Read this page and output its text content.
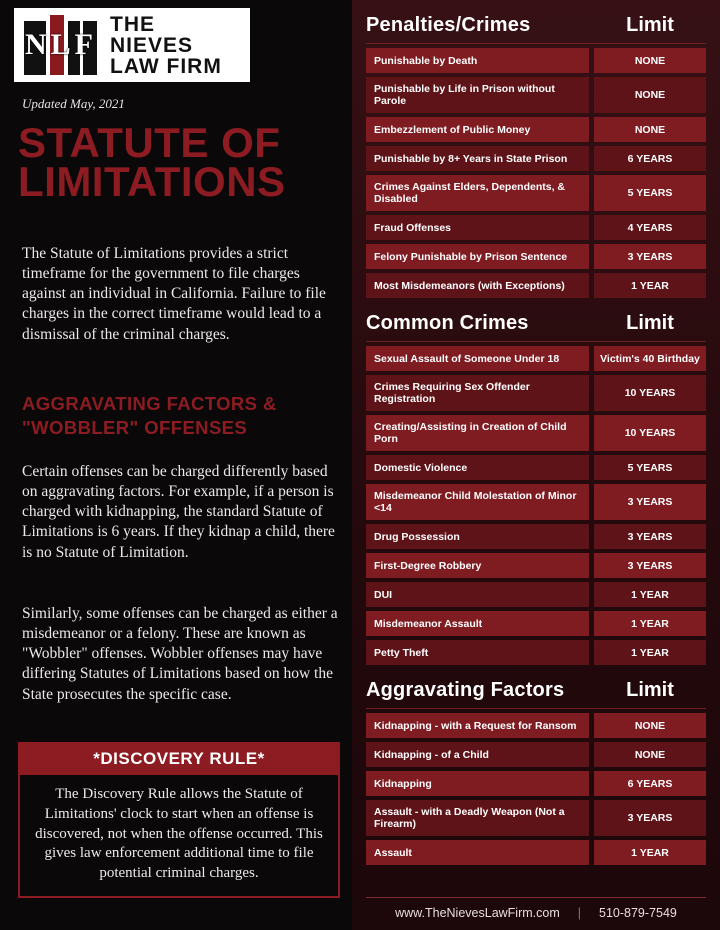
NLF
THE
NIEVES
LAW FIRM
Updated May, 2021
STATUTE OF LIMITATIONS
The Statute of Limitations provides a strict timeframe for the government to file charges against an individual in California. Failure to file charges in the correct timeframe would lead to a dismissal of the criminal charges.
AGGRAVATING FACTORS & "WOBBLER" OFFENSES
Certain offenses can be charged differently based on aggravating factors. For example, if a person is charged with kidnapping, the standard Statute of Limitations is 6 years. If they kidnap a child, there is no Statute of Limitation.
Similarly, some offenses can be charged as either a misdemeanor or a felony. These are known as "Wobbler" offenses. Wobbler offenses may have differing Statutes of Limitations based on how the State prosecutes the specific case.
*DISCOVERY RULE*
The Discovery Rule allows the Statute of Limitations' clock to start when an offense is discovered, not when the offense occurred. This gives law enforcement additional time to file potential criminal charges.
Penalties/Crimes	Limit
Punishable by Death	NONE
Punishable by Life in Prison without Parole	NONE
Embezzlement of Public Money	NONE
Punishable by 8+ Years in State Prison	6 YEARS
Crimes Against Elders, Dependents, & Disabled	5 YEARS
Fraud Offenses	4 YEARS
Felony Punishable by Prison Sentence	3 YEARS
Most Misdemeanors (with Exceptions)	1 YEAR
Common Crimes	Limit
Sexual Assault of Someone Under 18	Victim's 40 Birthday
Crimes Requiring Sex Offender Registration	10 YEARS
Creating/Assisting in Creation of Child Porn	10 YEARS
Domestic Violence	5 YEARS
Misdemeanor Child Molestation of Minor <14	3 YEARS
Drug Possession	3 YEARS
First-Degree Robbery	3 YEARS
DUI	1 YEAR
Misdemeanor Assault	1 YEAR
Petty Theft	1 YEAR
Aggravating Factors	Limit
Kidnapping - with a Request for Ransom	NONE
Kidnapping - of a Child	NONE
Kidnapping	6 YEARS
Assault - with a Deadly Weapon (Not a Firearm)	3 YEARS
Assault	1 YEAR
www.TheNievesLawFirm.com | 510-879-7549
